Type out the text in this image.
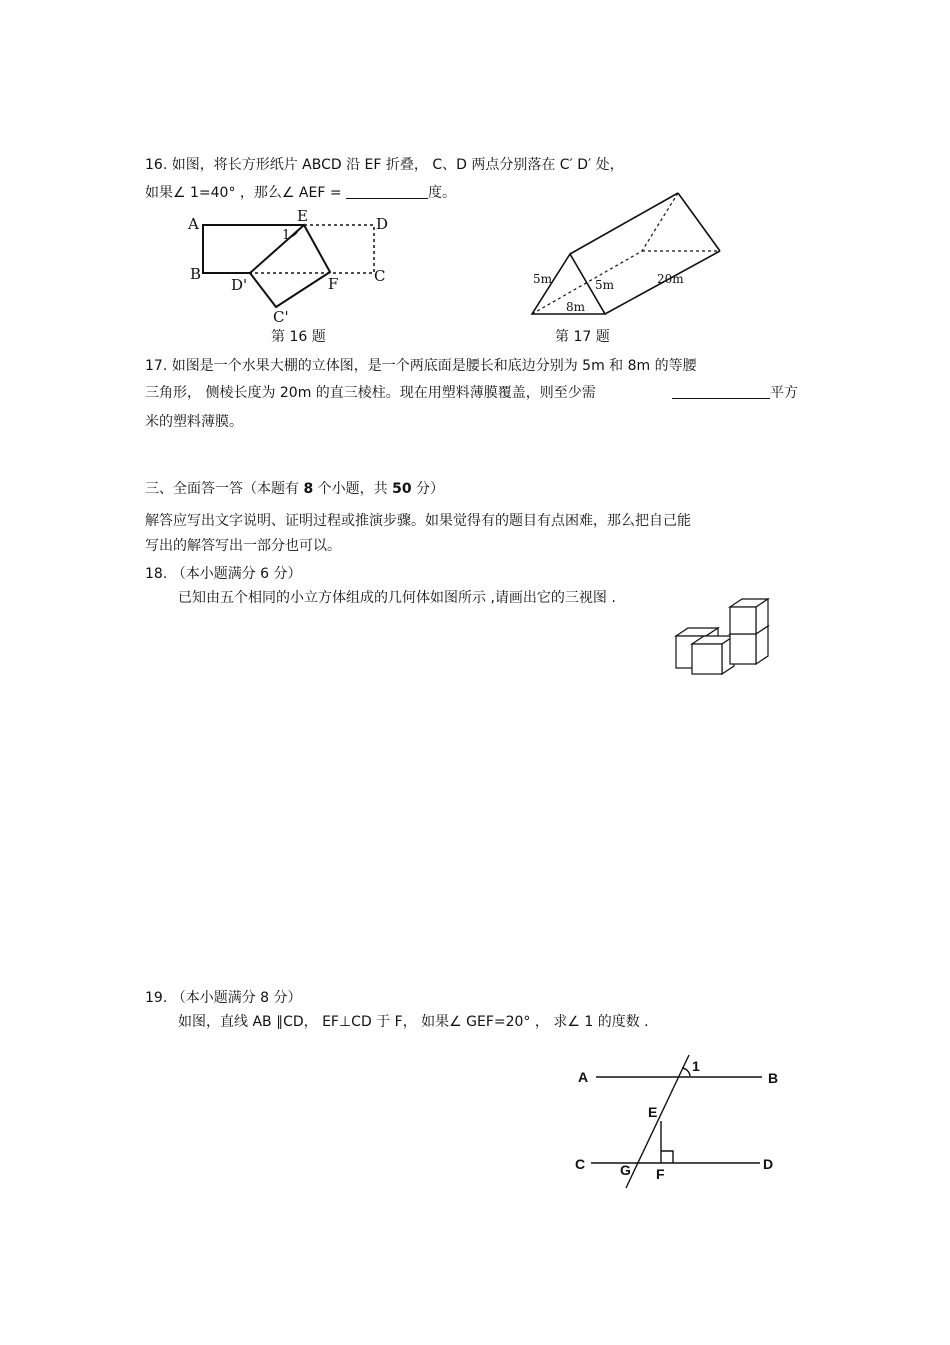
16. 如图，将长方形纸片 ABCD 沿 EF 折叠， C、D 两点分别落在 C′ D′ 处，
如果∠ 1=40° ，那么∠ AEF =	度。
A
B
E	D
1
D'	F C
C'
第 16 题
5m	5m
8m
20m
第 17 题
17. 如图是一个水果大棚的立体图，是一个两底面是腰长和底边分别为 5m 和 8m 的等腰
三角形， 侧棱长度为 20m 的直三棱柱。现在用塑料薄膜覆盖，则至少需	平方
米的塑料薄膜。
三、全面答一答（本题有 8 个小题，共 50 分）
解答应写出文字说明、证明过程或推演步骤。如果觉得有的题目有点困难，那么把自己能
写出的解答写出一部分也可以。
18. （本小题满分 6 分）
已知由五个相同的小立方体组成的几何体如图所示 ,请画出它的三视图 .
19. （本小题满分 8 分）
如图，直线 AB ∥CD， EF⊥CD 于 F， 如果∠ GEF=20° ， 求∠ 1 的度数 .
A	B
1
E
C G F
D
